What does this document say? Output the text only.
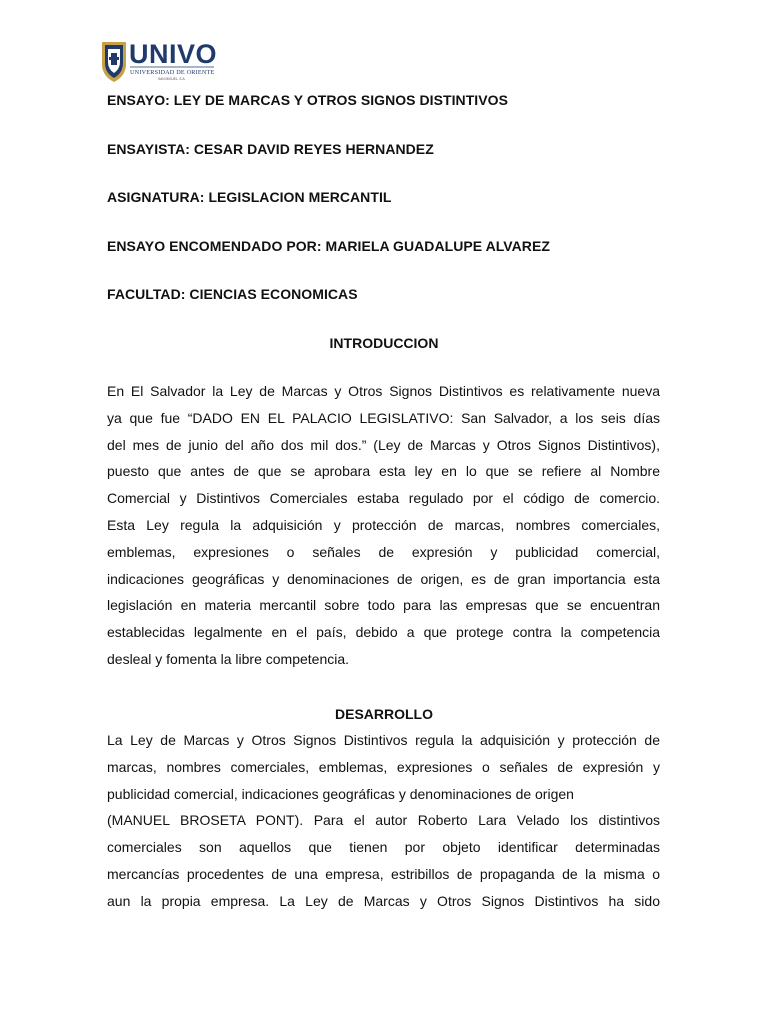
UNIVO
UNIVERSIDAD DE ORIENTE
SAN MIGUEL, S.A.
ENSAYO: LEY DE MARCAS Y OTROS SIGNOS DISTINTIVOS
ENSAYISTA: CESAR DAVID REYES HERNANDEZ
ASIGNATURA: LEGISLACION MERCANTIL
ENSAYO ENCOMENDADO POR: MARIELA GUADALUPE ALVAREZ
FACULTAD: CIENCIAS ECONOMICAS
INTRODUCCION
En El Salvador la Ley de Marcas y Otros Signos Distintivos es relativamente nueva
ya que fue “DADO EN EL PALACIO LEGISLATIVO: San Salvador, a los seis días
del mes de junio del año dos mil dos.” (Ley de Marcas y Otros Signos Distintivos),
puesto que antes de que se aprobara esta ley en lo que se refiere al Nombre
Comercial y Distintivos Comerciales estaba regulado por el código de comercio.
Esta Ley regula la adquisición y protección de marcas, nombres comerciales,
emblemas, expresiones o señales de expresión y publicidad comercial,
indicaciones geográficas y denominaciones de origen, es de gran importancia esta
legislación en materia mercantil sobre todo para las empresas que se encuentran
establecidas legalmente en el país, debido a que protege contra la competencia
desleal y fomenta la libre competencia.
DESARROLLO
La Ley de Marcas y Otros Signos Distintivos regula la adquisición y protección de
marcas, nombres comerciales, emblemas, expresiones o señales de expresión y
publicidad comercial, indicaciones geográficas y denominaciones de origen
(MANUEL BROSETA PONT). Para el autor Roberto Lara Velado los distintivos
comerciales son aquellos que tienen por objeto identificar determinadas
mercancías procedentes de una empresa, estribillos de propaganda de la misma o
aun la propia empresa. La Ley de Marcas y Otros Signos Distintivos ha sido
